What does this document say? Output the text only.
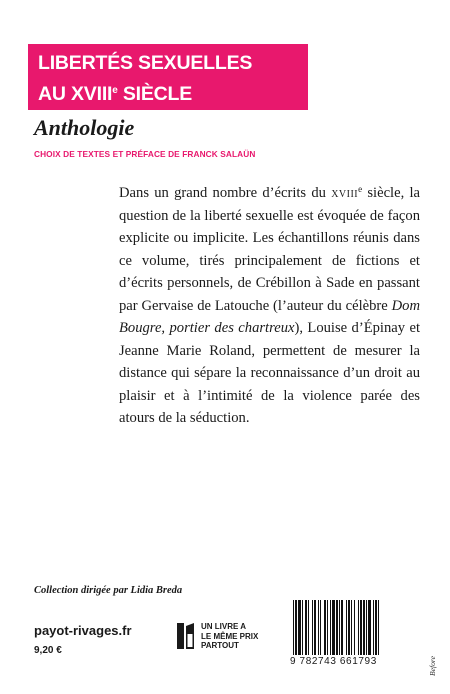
LIBERTÉS SEXUELLES
AU XVIIIe SIÈCLE
Anthologie
CHOIX DE TEXTES ET PRÉFACE DE FRANCK SALAÜN
Dans un grand nombre d’écrits du xviii$^e$ siècle, la question de la liberté sexuelle est évoquée de façon explicite ou implicite. Les échantillons réunis dans ce volume, tirés principalement de fictions et d’écrits personnels, de Crébillon à Sade en passant par Gervaise de Latouche (l’auteur du célèbre Dom Bougre, portier des chartreux), Louise d’Épinay et Jeanne Marie Roland, permettent de mesurer la distance qui sépare la reconnaissance d’un droit au plaisir et à l’intimité de la violence parée des atours de la séduction.
Before
Collection dirigée par Lidia Breda
payot-rivages.fr
9,20 €
UN LIVRE A
LE MÊME PRIX
PARTOUT
9 782743 661793
